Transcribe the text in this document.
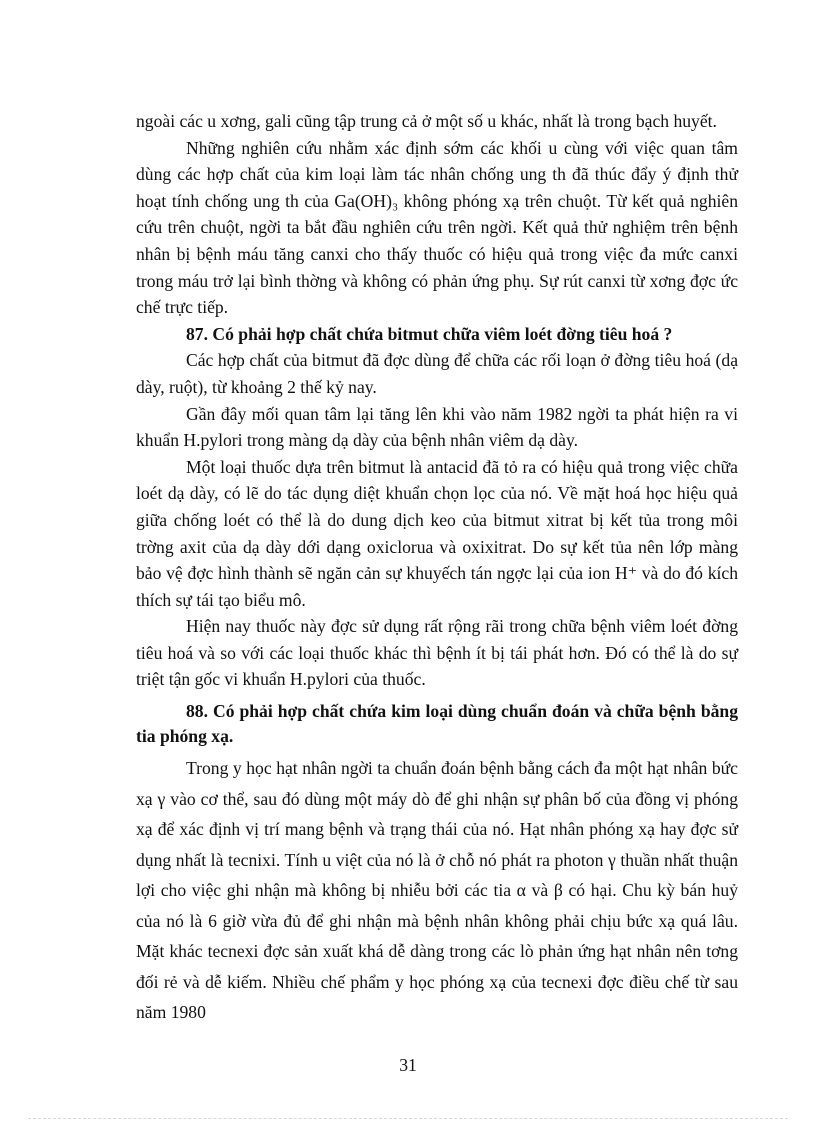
ngoài các u xơng, gali cũng tập trung cả ở một số u khác, nhất là trong bạch huyết.

Những nghiên cứu nhằm xác định sớm các khối u cùng với việc quan tâm dùng các hợp chất của kim loại làm tác nhân chống ung th đã thúc đẩy ý định thử hoạt tính chống ung th của Ga(OH)₃ không phóng xạ trên chuột. Từ kết quả nghiên cứu trên chuột, ngời ta bắt đầu nghiên cứu trên ngời. Kết quả thử nghiệm trên bệnh nhân bị bệnh máu tăng canxi cho thấy thuốc có hiệu quả trong việc đa mức canxi trong máu trở lại bình thờng và không có phản ứng phụ. Sự rút canxi từ xơng đợc ức chế trực tiếp.

87. Có phải hợp chất chứa bitmut chữa viêm loét đờng tiêu hoá ?

Các hợp chất của bitmut đã đợc dùng để chữa các rối loạn ở đờng tiêu hoá (dạ dày, ruột), từ khoảng 2 thế kỷ nay.

Gần đây mối quan tâm lại tăng lên khi vào năm 1982 ngời ta phát hiện ra vi khuẩn H.pylori trong màng dạ dày của bệnh nhân viêm dạ dày.

Một loại thuốc dựa trên bitmut là antacid đã tỏ ra có hiệu quả trong việc chữa loét dạ dày, có lẽ do tác dụng diệt khuẩn chọn lọc của nó. Về mặt hoá học hiệu quả giữa chống loét có thể là do dung dịch keo của bitmut xitrat bị kết tủa trong môi trờng axit của dạ dày dới dạng oxiclorua và oxixitrat. Do sự kết tủa nên lớp màng bảo vệ đợc hình thành sẽ ngăn cản sự khuyếch tán ngợc lại của ion H⁺ và do đó kích thích sự tái tạo biểu mô.

Hiện nay thuốc này đợc sử dụng rất rộng rãi trong chữa bệnh viêm loét đờng tiêu hoá và so với các loại thuốc khác thì bệnh ít bị tái phát hơn. Đó có thể là do sự triệt tận gốc vi khuẩn H.pylori của thuốc.

88. Có phải hợp chất chứa kim loại dùng chuẩn đoán và chữa bệnh bằng tia phóng xạ.

Trong y học hạt nhân ngời ta chuẩn đoán bệnh bằng cách đa một hạt nhân bức xạ γ vào cơ thể, sau đó dùng một máy dò để ghi nhận sự phân bố của đồng vị phóng xạ để xác định vị trí mang bệnh và trạng thái của nó. Hạt nhân phóng xạ hay đợc sử dụng nhất là tecnixi. Tính u việt của nó là ở chỗ nó phát ra photon γ thuần nhất thuận lợi cho việc ghi nhận mà không bị nhiễu bởi các tia α và β có hại. Chu kỳ bán huỷ của nó là 6 giờ vừa đủ để ghi nhận mà bệnh nhân không phải chịu bức xạ quá lâu. Mặt khác tecnexi đợc sản xuất khá dễ dàng trong các lò phản ứng hạt nhân nên tơng đối rẻ và dễ kiếm. Nhiều chế phẩm y học phóng xạ của tecnexi đợc điều chế từ sau năm 1980

31
